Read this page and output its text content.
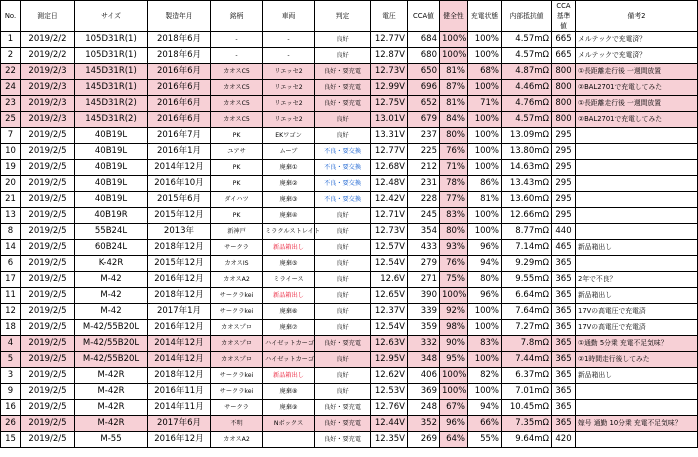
No.	測定日	サイズ	製造年月	銘柄	車両	判定	電圧	CCA値	健全性	充電状態	内部抵抗値	CCA
基準値	備考2
1	2019/2/2	105D31R(1)	2018年6月	-	-	良好	12.77V	684	100%	100%	4.57mΩ	665	メルテックで充電済？
2	2019/2/2	105D31R(1)	2018年6月	-	-	良好	12.87V	680	100%	100%	4.57mΩ	665	メルテックで充電済？
22	2019/2/3	145D31R(1)	2016年6月	カオスC5	リエッセ2	良好・要充電	12.73V	650	81%	68%	4.87mΩ	800	①長距離走行後 一週間放置
24	2019/2/3	145D31R(1)	2016年6月	カオスC5	リエッセ2	良好・要充電	12.99V	696	87%	100%	4.46mΩ	800	②BAL2701で充電してみた
23	2019/2/3	145D31R(2)	2016年6月	カオスC5	リエッセ2	良好・要充電	12.75V	652	81%	71%	4.76mΩ	800	①長距離走行後 一週間放置
25	2019/2/3	145D31R(2)	2016年6月	カオスC5	リエッセ2	良好	13.01V	679	84%	100%	4.57mΩ	800	②BAL2701で充電してみた
7	2019/2/5	40B19L	2016年7月	PK	EKワゴン	良好	13.31V	237	80%	100%	13.09mΩ	295	
10	2019/2/5	40B19L	2016年1月	ユアサ	ムーブ	不良・要交換	12.77V	225	76%	100%	13.80mΩ	295	
19	2019/2/5	40B19L	2014年12月	PK	廃棄①	不良・要交換	12.68V	212	71%	100%	14.63mΩ	295	
20	2019/2/5	40B19L	2016年10月	PK	廃棄②	不良・要交換	12.48V	231	78%	86%	13.43mΩ	295	
21	2019/2/5	40B19L	2015年6月	ダイハツ	廃棄③	不良・要交換	12.42V	228	77%	81%	13.60mΩ	295	
13	2019/2/5	40B19R	2015年12月	PK	廃棄④	良好	12.71V	245	83%	100%	12.66mΩ	295	
8	2019/2/5	55B24L	2013年	新神戸	ミラクルストレイト	良好	12.73V	354	80%	100%	8.77mΩ	440	
14	2019/2/5	60B24L	2018年12月	サークラ	新品箱出し	良好	12.57V	433	93%	96%	7.14mΩ	465	新品箱出し
6	2019/2/5	K-42R	2015年12月	カオスIS	廃棄⑤	良好	12.54V	279	76%	94%	9.29mΩ	365	
17	2019/2/5	M-42	2016年12月	カオスA2	ミライース	良好	12.6V	271	75%	80%	9.55mΩ	365	2年で不良？
11	2019/2/5	M-42	2018年12月	サークラkei	新品箱出し	良好	12.65V	390	100%	96%	6.64mΩ	365	新品箱出し
12	2019/2/5	M-42	2017年1月	サークラkei	廃棄⑥	良好	12.37V	339	92%	100%	7.64mΩ	365	17Vの高電圧で充電済
18	2019/2/5	M-42/55B20L	2016年12月	カオスプロ	廃棄⑦	良好	12.54V	359	98%	100%	7.27mΩ	365	17Vの高電圧で充電済
4	2019/2/5	M-42/55B20L	2014年12月	カオスプロ	ハイゼットカーゴ	良好・要充電	12.63V	332	90%	83%	7.8mΩ	365	①通勤 5分乗 充電不足気味？
5	2019/2/5	M-42/55B20L	2014年12月	カオスプロ	ハイゼットカーゴ	良好	12.95V	348	95%	100%	7.44mΩ	365	②1時間走行後してみた
3	2019/2/5	M-42R	2018年12月	サークラkei	新品箱出し	良好	12.62V	406	100%	82%	6.37mΩ	365	新品箱出し
9	2019/2/5	M-42R	2016年11月	サークラkei	廃棄⑧	良好	12.53V	369	100%	100%	7.01mΩ	365	
16	2019/2/5	M-42R	2014年11月	サークラ	廃棄⑨	良好・要充電	12.76V	248	67%	94%	10.45mΩ	365	
26	2019/2/5	M-42R	2017年6月	不明	Nボックス	良好・要充電	12.44V	352	96%	66%	7.35mΩ	365	嫁号 通勤 10分乗 充電不足気味？
15	2019/2/5	M-55	2016年12月	カオスA2		良好・要充電	12.35V	269	64%	55%	9.64mΩ	420	
